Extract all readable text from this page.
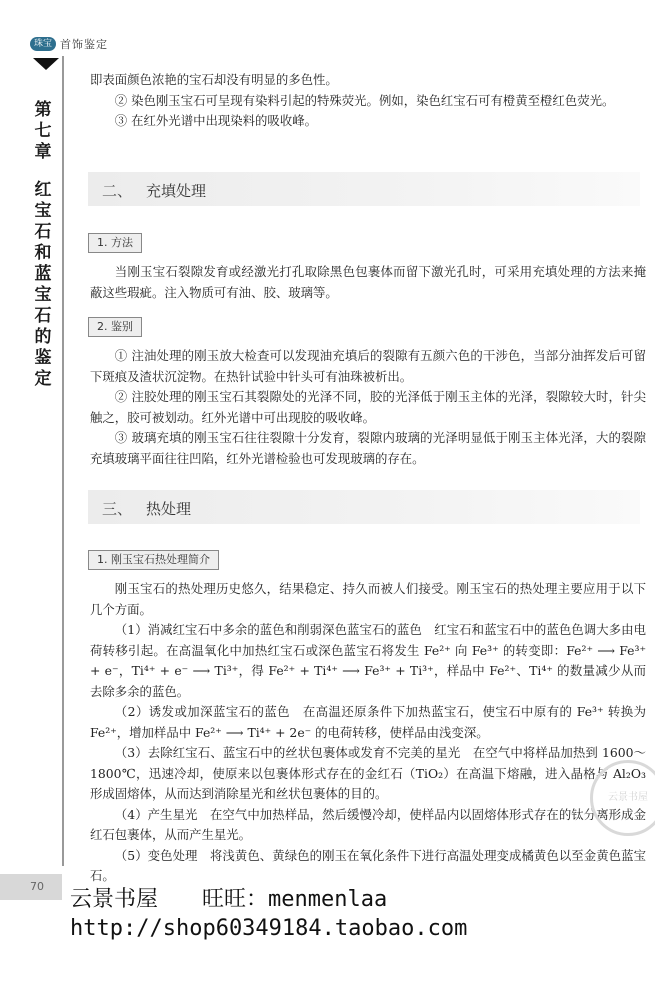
珠宝 首饰鉴定
第七章
红宝石和蓝宝石的鉴定
70

即表面颜色浓艳的宝石却没有明显的多色性。

② 染色刚玉宝石可呈现有染料引起的特殊荧光。例如，染色红宝石可有橙黄至橙红色荧光。

③ 在红外光谱中出现染料的吸收峰。

二、 充填处理
1. 方法

当刚玉宝石裂隙发育或经激光打孔取除黑色包裹体而留下激光孔时，可采用充填处理的方法来掩蔽这些瑕疵。注入物质可有油、胶、玻璃等。

2. 鉴别

① 注油处理的刚玉放大检查可以发现油充填后的裂隙有五颜六色的干涉色，当部分油挥发后可留下斑痕及渣状沉淀物。在热针试验中针头可有油珠被析出。

② 注胶处理的刚玉宝石其裂隙处的光泽不同，胶的光泽低于刚玉主体的光泽，裂隙较大时，针尖触之，胶可被划动。红外光谱中可出现胶的吸收峰。

③ 玻璃充填的刚玉宝石往往裂隙十分发育，裂隙内玻璃的光泽明显低于刚玉主体光泽，大的裂隙充填玻璃平面往往凹陷，红外光谱检验也可发现玻璃的存在。

三、 热处理
1. 刚玉宝石热处理简介

刚玉宝石的热处理历史悠久，结果稳定、持久而被人们接受。刚玉宝石的热处理主要应用于以下几个方面。

（1）消减红宝石中多余的蓝色和削弱深色蓝宝石的蓝色　红宝石和蓝宝石中的蓝色色调大多由电荷转移引起。在高温氧化中加热红宝石或深色蓝宝石将发生 Fe²⁺ 向 Fe³⁺ 的转变即：Fe²⁺ ⟶ Fe³⁺ + e⁻，Ti⁴⁺ + e⁻ ⟶ Ti³⁺，得 Fe²⁺ + Ti⁴⁺ ⟶ Fe³⁺ + Ti³⁺，样品中 Fe²⁺、Ti⁴⁺ 的数量减少从而去除多余的蓝色。

（2）诱发或加深蓝宝石的蓝色　在高温还原条件下加热蓝宝石，使宝石中原有的 Fe³⁺ 转换为 Fe²⁺，增加样品中 Fe²⁺ ⟶ Ti⁴⁺ + 2e⁻ 的电荷转移，使样品由浅变深。

（3）去除红宝石、蓝宝石中的丝状包裹体或发育不完美的星光　在空气中将样品加热到 1600～1800℃，迅速冷却，使原来以包裹体形式存在的金红石（TiO₂）在高温下熔融，进入晶格与 Al₂O₃ 形成固熔体，从而达到消除星光和丝状包裹体的目的。

（4）产生星光　在空气中加热样品，然后缓慢冷却，使样品内以固熔体形式存在的钛分离形成金红石包裹体，从而产生星光。

（5）变色处理　将浅黄色、黄绿色的刚玉在氧化条件下进行高温处理变成橘黄色以至金黄色蓝宝石。

云景书屋
云景书屋　　旺旺：menmenlaa
http://shop60349184.taobao.com
